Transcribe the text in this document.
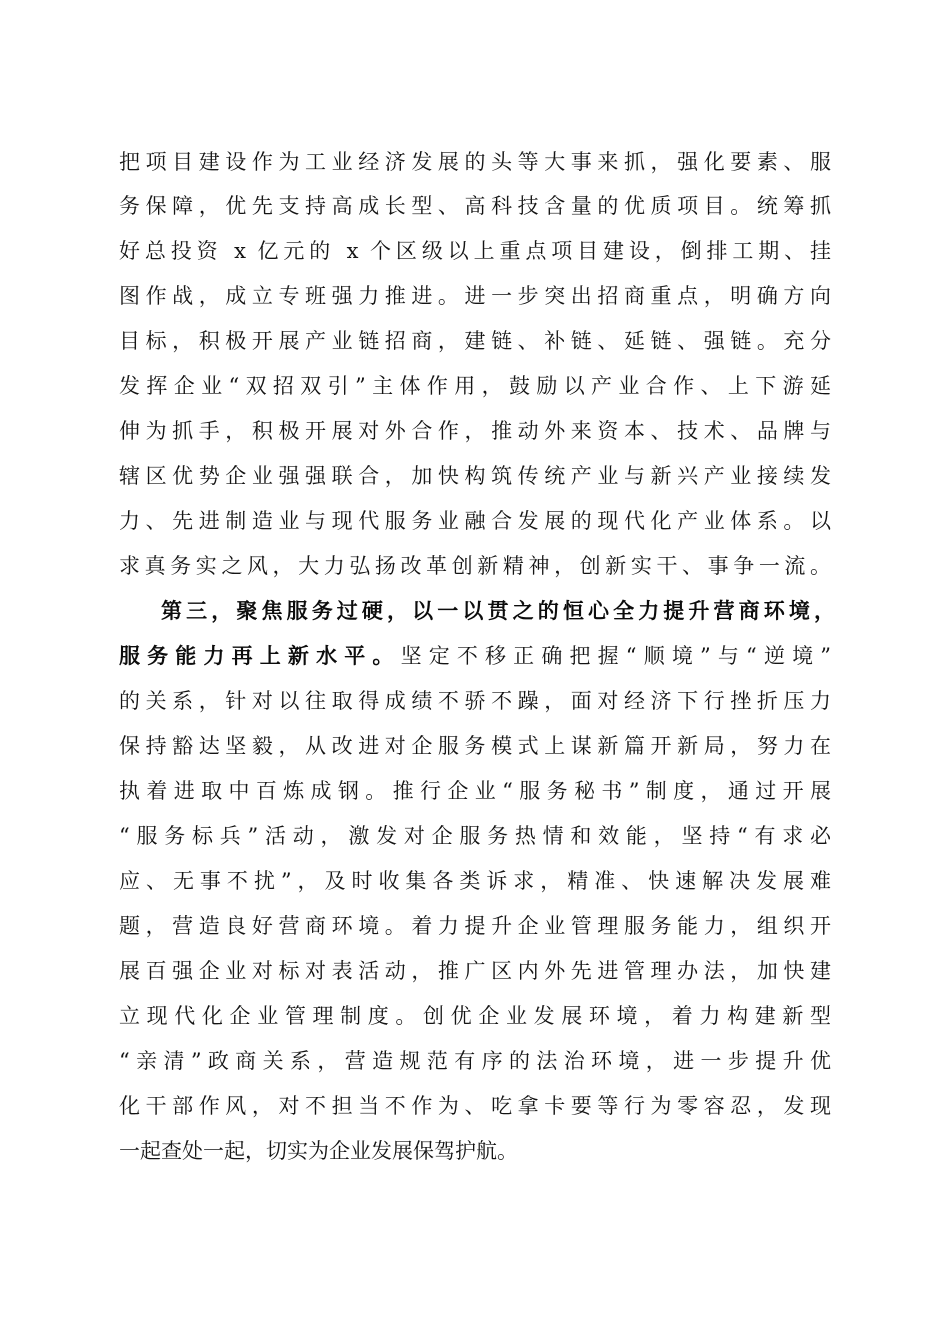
把项目建设作为工业经济发展的头等大事来抓，强化要素、服
务保障，优先支持高成长型、高科技含量的优质项目。统筹抓
好总投资 x 亿元的 x 个区级以上重点项目建设，倒排工期、挂
图作战，成立专班强力推进。进一步突出招商重点，明确方向
目标，积极开展产业链招商，建链、补链、延链、强链。充分
发挥企业“双招双引”主体作用，鼓励以产业合作、上下游延
伸为抓手，积极开展对外合作，推动外来资本、技术、品牌与
辖区优势企业强强联合，加快构筑传统产业与新兴产业接续发
力、先进制造业与现代服务业融合发展的现代化产业体系。以
求真务实之风，大力弘扬改革创新精神，创新实干、事争一流。
第三，聚焦服务过硬，以一以贯之的恒心全力提升营商环境，
服务能力再上新水平。坚定不移正确把握“顺境”与“逆境”
的关系，针对以往取得成绩不骄不躁，面对经济下行挫折压力
保持豁达坚毅，从改进对企服务模式上谋新篇开新局，努力在
执着进取中百炼成钢。推行企业“服务秘书”制度，通过开展
“服务标兵”活动，激发对企服务热情和效能，坚持“有求必
应、无事不扰”，及时收集各类诉求，精准、快速解决发展难
题，营造良好营商环境。着力提升企业管理服务能力，组织开
展百强企业对标对表活动，推广区内外先进管理办法，加快建
立现代化企业管理制度。创优企业发展环境，着力构建新型
“亲清”政商关系，营造规范有序的法治环境，进一步提升优
化干部作风，对不担当不作为、吃拿卡要等行为零容忍，发现
一起查处一起，切实为企业发展保驾护航。
